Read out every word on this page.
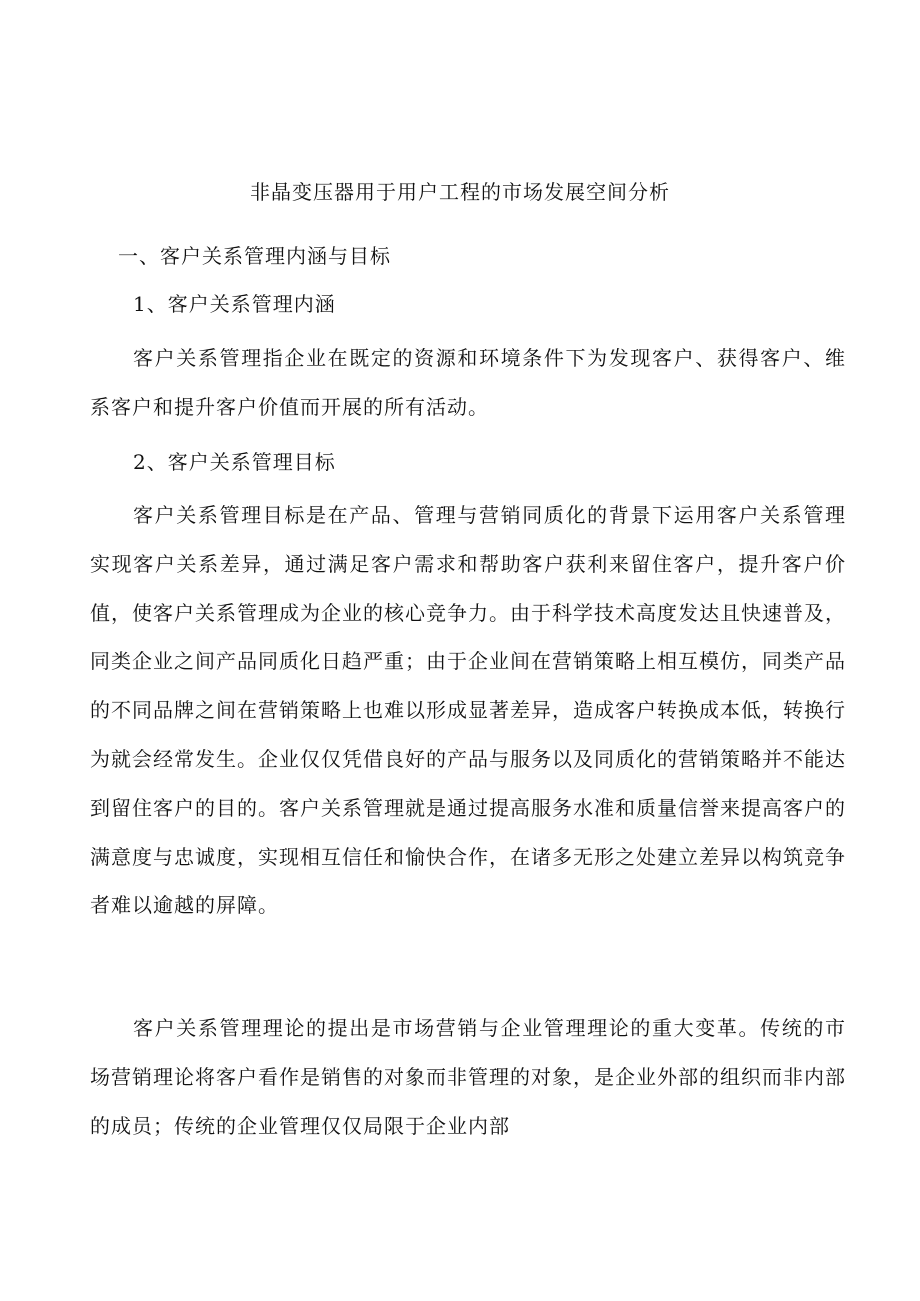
非晶变压器用于用户工程的市场发展空间分析
一、客户关系管理内涵与目标
1、客户关系管理内涵

客户关系管理指企业在既定的资源和环境条件下为发现客户、获得客户、维系客户和提升客户价值而开展的所有活动。

2、客户关系管理目标

客户关系管理目标是在产品、管理与营销同质化的背景下运用客户关系管理实现客户关系差异，通过满足客户需求和帮助客户获利来留住客户，提升客户价值，使客户关系管理成为企业的核心竞争力。由于科学技术高度发达且快速普及，同类企业之间产品同质化日趋严重；由于企业间在营销策略上相互模仿，同类产品的不同品牌之间在营销策略上也难以形成显著差异，造成客户转换成本低，转换行为就会经常发生。企业仅仅凭借良好的产品与服务以及同质化的营销策略并不能达到留住客户的目的。客户关系管理就是通过提高服务水准和质量信誉来提高客户的满意度与忠诚度，实现相互信任和愉快合作，在诸多无形之处建立差异以构筑竞争者难以逾越的屏障。

客户关系管理理论的提出是市场营销与企业管理理论的重大变革。传统的市场营销理论将客户看作是销售的对象而非管理的对象，是企业外部的组织而非内部的成员；传统的企业管理仅仅局限于企业内部
